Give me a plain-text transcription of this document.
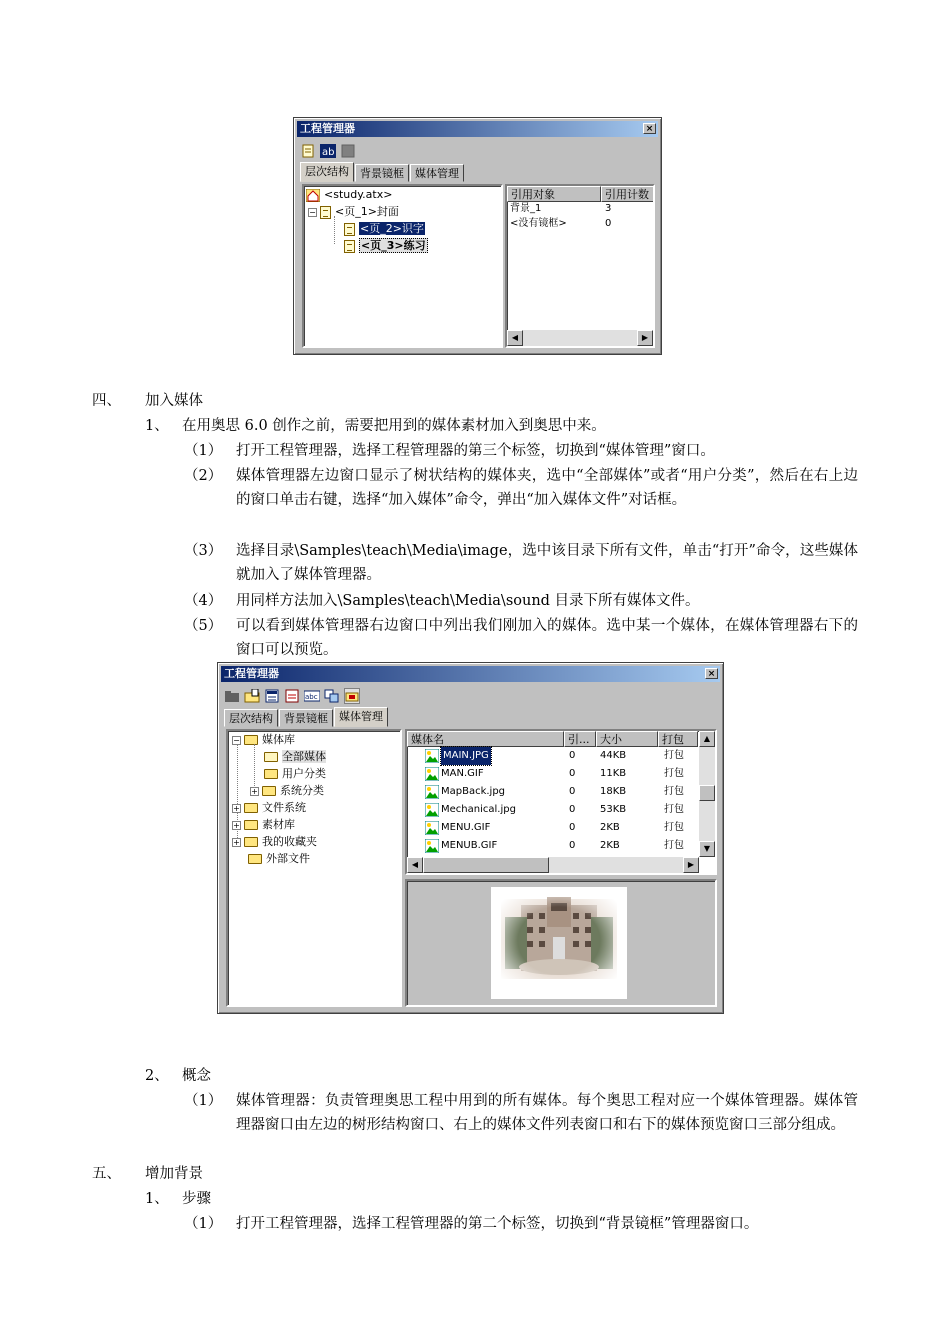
工程管理器	×
ab
层次结构	背景镜框	媒体管理
<study.atx>
− <页_1>封面
<页_2>识字
<页_3>练习
引用对象	引用计数
背景_1	3
<没有镜框>	0
◀	▶
四、 加入媒体
1、 在用奥思 6.0 创作之前，需要把用到的媒体素材加入到奥思中来。
（1） 打开工程管理器，选择工程管理器的第三个标签，切换到“媒体管理”窗口。
（2） 媒体管理器左边窗口显示了树状结构的媒体夹，选中“全部媒体”或者“用户分类”，然后在右上边的窗口单击右键，选择“加入媒体”命令，弹出“加入媒体文件”对话框。
（3） 选择目录\Samples\teach\Media\image，选中该目录下所有文件，单击“打开”命令，这些媒体就加入了媒体管理器。
（4） 用同样方法加入\Samples\teach\Media\sound 目录下所有媒体文件。
（5） 可以看到媒体管理器右边窗口中列出我们刚加入的媒体。选中某一个媒体，在媒体管理器右下的窗口可以预览。
工程管理器	×
abc
层次结构	背景镜框	媒体管理
− 媒体库
全部媒体
用户分类
+ 系统分类
+ 文件系统
+ 素材库
+ 我的收藏夹
外部文件
媒体名	引... 大小	打包
MAIN.JPG	0 44KB	打包
MAN.GIF	0 11KB	打包
MapBack.jpg	0 18KB	打包
Mechanical.jpg	0 53KB	打包
MENU.GIF	0 2KB	打包
MENUB.GIF	0 2KB	打包
▲
▼
◀	▶
2、 概念
（1） 媒体管理器：负责管理奥思工程中用到的所有媒体。每个奥思工程对应一个媒体管理器。媒体管理器窗口由左边的树形结构窗口、右上的媒体文件列表窗口和右下的媒体预览窗口三部分组成。
五、 增加背景
1、 步骤
（1） 打开工程管理器，选择工程管理器的第二个标签，切换到“背景镜框”管理器窗口。
